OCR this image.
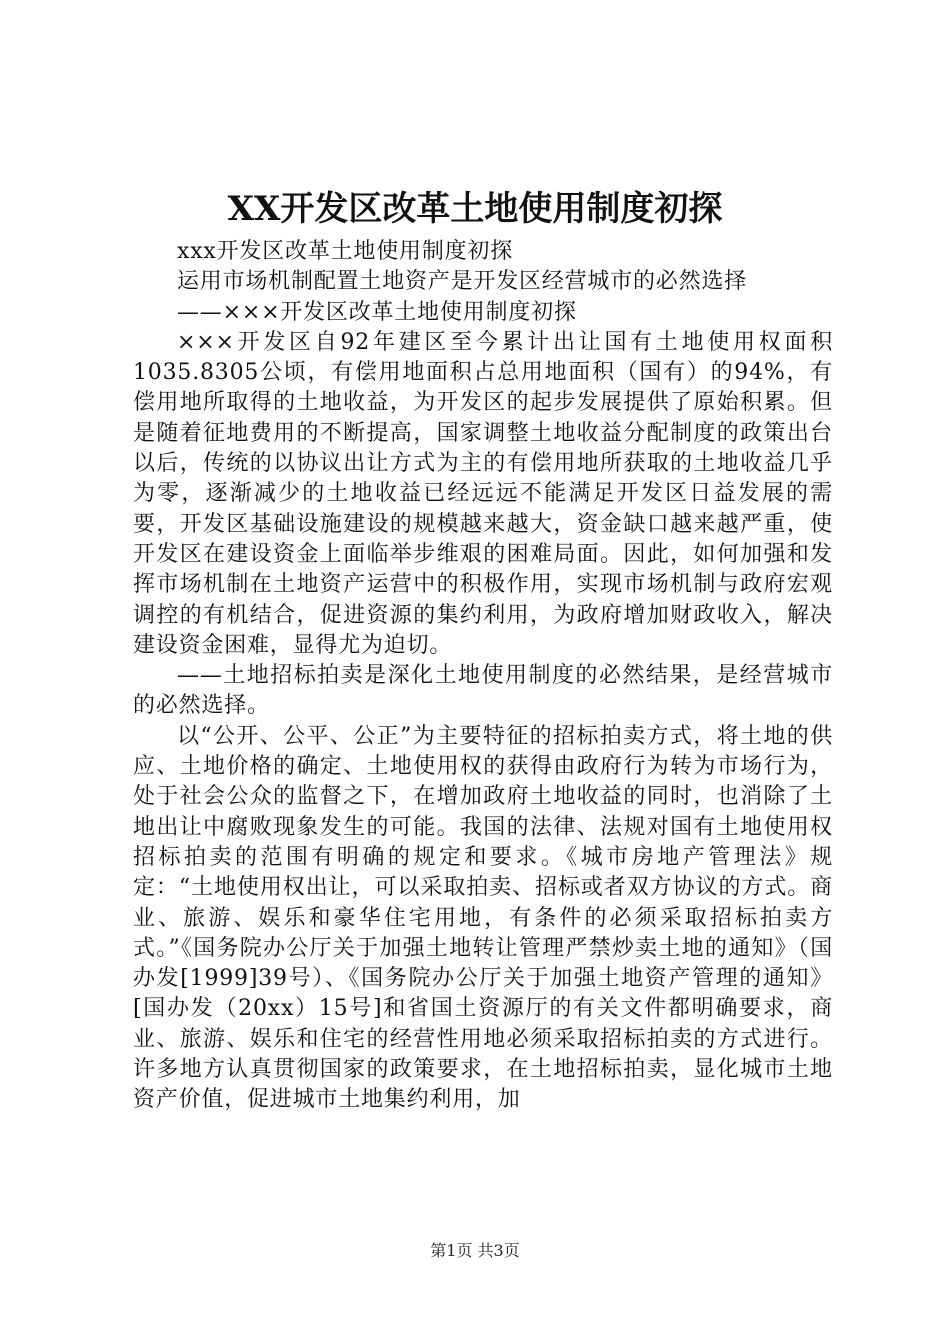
XX开发区改革土地使用制度初探

xxx开发区改革土地使用制度初探

运用市场机制配置土地资产是开发区经营城市的必然选择

——×××开发区改革土地使用制度初探

×××开发区自92年建区至今累计出让国有土地使用权面积1035.8305公顷，有偿用地面积占总用地面积（国有）的94%，有偿用地所取得的土地收益，为开发区的起步发展提供了原始积累。但是随着征地费用的不断提高，国家调整土地收益分配制度的政策出台以后，传统的以协议出让方式为主的有偿用地所获取的土地收益几乎为零，逐渐减少的土地收益已经远远不能满足开发区日益发展的需要，开发区基础设施建设的规模越来越大，资金缺口越来越严重，使开发区在建设资金上面临举步维艰的困难局面。因此，如何加强和发挥市场机制在土地资产运营中的积极作用，实现市场机制与政府宏观调控的有机结合，促进资源的集约利用，为政府增加财政收入，解决建设资金困难，显得尤为迫切。

——土地招标拍卖是深化土地使用制度的必然结果，是经营城市的必然选择。

以“公开、公平、公正”为主要特征的招标拍卖方式，将土地的供应、土地价格的确定、土地使用权的获得由政府行为转为市场行为，处于社会公众的监督之下，在增加政府土地收益的同时，也消除了土地出让中腐败现象发生的可能。我国的法律、法规对国有土地使用权招标拍卖的范围有明确的规定和要求。《城市房地产管理法》规定：“土地使用权出让，可以采取拍卖、招标或者双方协议的方式。商业、旅游、娱乐和豪华住宅用地，有条件的必须采取招标拍卖方式。”《国务院办公厅关于加强土地转让管理严禁炒卖土地的通知》（国办发[1999]39号）、《国务院办公厅关于加强土地资产管理的通知》[国办发（20xx）15号]和省国土资源厅的有关文件都明确要求，商业、旅游、娱乐和住宅的经营性用地必须采取招标拍卖的方式进行。许多地方认真贯彻国家的政策要求，在土地招标拍卖，显化城市土地资产价值，促进城市土地集约利用，加

第1页 共3页
